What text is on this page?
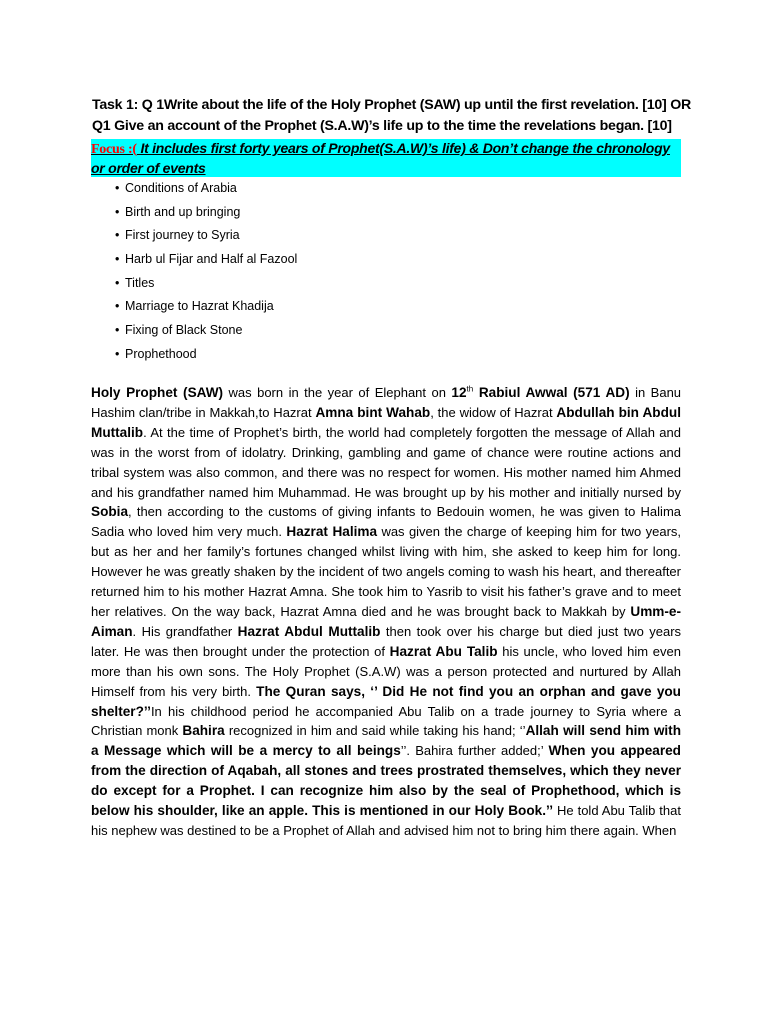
Task 1: Q 1Write about the life of the Holy Prophet (SAW) up until the first revelation. [10] OR
Q1 Give an account of the Prophet (S.A.W)’s life up to the time the revelations began. [10]
Focus :( It includes first forty years of Prophet(S.A.W)’s life) & Don’t change the chronology or order of events
• Conditions of Arabia
• Birth and up bringing
• First journey to Syria
• Harb ul Fijar and Half al Fazool
• Titles
• Marriage to Hazrat Khadija
• Fixing of Black Stone
• Prophethood
Holy Prophet (SAW) was born in the year of Elephant on 12th Rabiul Awwal (571 AD) in Banu Hashim clan/tribe in Makkah,to Hazrat Amna bint Wahab, the widow of Hazrat Abdullah bin Abdul Muttalib. At the time of Prophet’s birth, the world had completely forgotten the message of Allah and was in the worst from of idolatry. Drinking, gambling and game of chance were routine actions and tribal system was also common, and there was no respect for women. His mother named him Ahmed and his grandfather named him Muhammad. He was brought up by his mother and initially nursed by Sobia, then according to the customs of giving infants to Bedouin women, he was given to Halima Sadia who loved him very much. Hazrat Halima was given the charge of keeping him for two years, but as her and her family’s fortunes changed whilst living with him, she asked to keep him for long. However he was greatly shaken by the incident of two angels coming to wash his heart, and thereafter returned him to his mother Hazrat Amna. She took him to Yasrib to visit his father’s grave and to meet her relatives. On the way back, Hazrat Amna died and he was brought back to Makkah by Umm-e-Aiman. His grandfather Hazrat Abdul Muttalib then took over his charge but died just two years later. He was then brought under the protection of Hazrat Abu Talib his uncle, who loved him even more than his own sons. The Holy Prophet (S.A.W) was a person protected and nurtured by Allah Himself from his very birth. The Quran says, ‘’ Did He not find you an orphan and gave you shelter?’’In his childhood period he accompanied Abu Talib on a trade journey to Syria where a Christian monk Bahira recognized in him and said while taking his hand; ‘’Allah will send him with a Message which will be a mercy to all beings’’. Bahira further added;’ When you appeared from the direction of Aqabah, all stones and trees prostrated themselves, which they never do except for a Prophet. I can recognize him also by the seal of Prophethood, which is below his shoulder, like an apple. This is mentioned in our Holy Book.’’ He told Abu Talib that his nephew was destined to be a Prophet of Allah and advised him not to bring him there again. When
